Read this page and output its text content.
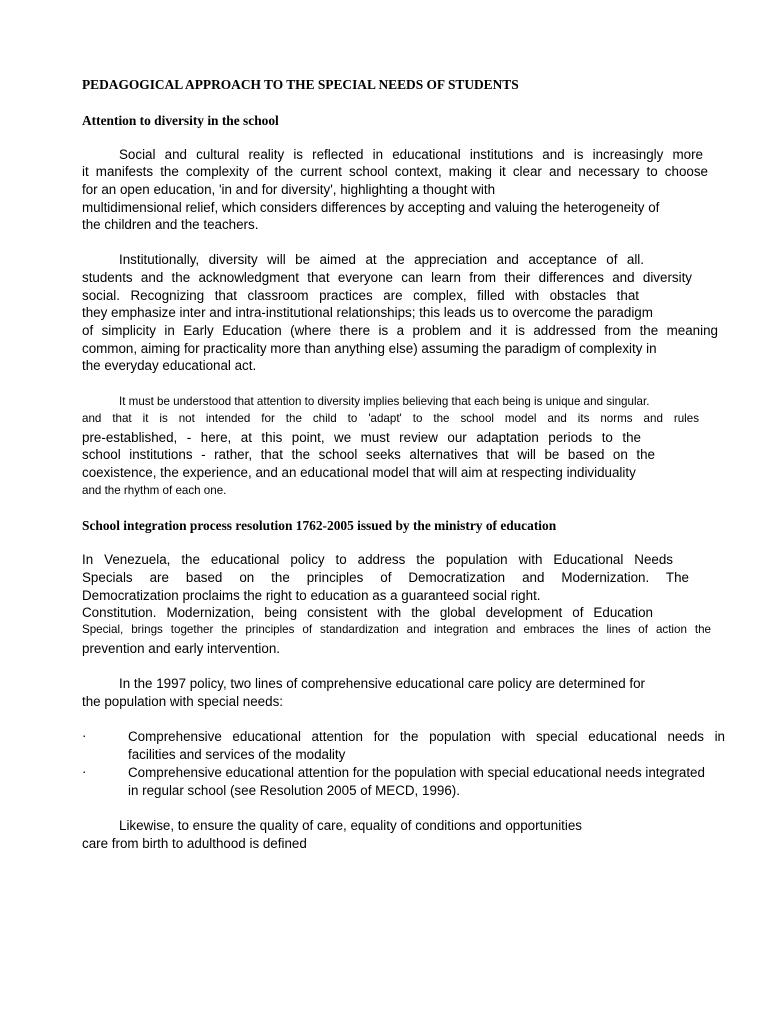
PEDAGOGICAL APPROACH TO THE SPECIAL NEEDS OF STUDENTS
Attention to diversity in the school
Social and cultural reality is reflected in educational institutions and is increasingly more
it manifests the complexity of the current school context, making it clear and necessary to choose
for an open education, 'in and for diversity', highlighting a thought with
multidimensional relief, which considers differences by accepting and valuing the heterogeneity of
the children and the teachers.
Institutionally, diversity will be aimed at the appreciation and acceptance of all.
students and the acknowledgment that everyone can learn from their differences and diversity
social. Recognizing that classroom practices are complex, filled with obstacles that
they emphasize inter and intra-institutional relationships; this leads us to overcome the paradigm
of simplicity in Early Education (where there is a problem and it is addressed from the meaning
common, aiming for practicality more than anything else) assuming the paradigm of complexity in
the everyday educational act.
It must be understood that attention to diversity implies believing that each being is unique and singular.
and that it is not intended for the child to 'adapt' to the school model and its norms and rules
pre-established, - here, at this point, we must review our adaptation periods to the
school institutions - rather, that the school seeks alternatives that will be based on the
coexistence, the experience, and an educational model that will aim at respecting individuality
and the rhythm of each one.
School integration process resolution 1762-2005 issued by the ministry of education
In Venezuela, the educational policy to address the population with Educational Needs
Specials are based on the principles of Democratization and Modernization. The
Democratization proclaims the right to education as a guaranteed social right.
Constitution. Modernization, being consistent with the global development of Education
Special, brings together the principles of standardization and integration and embraces the lines of action the
prevention and early intervention.
In the 1997 policy, two lines of comprehensive educational care policy are determined for
the population with special needs:
·	Comprehensive educational attention for the population with special educational needs in
facilities and services of the modality
·	Comprehensive educational attention for the population with special educational needs integrated
in regular school (see Resolution 2005 of MECD, 1996).
Likewise, to ensure the quality of care, equality of conditions and opportunities
care from birth to adulthood is defined
